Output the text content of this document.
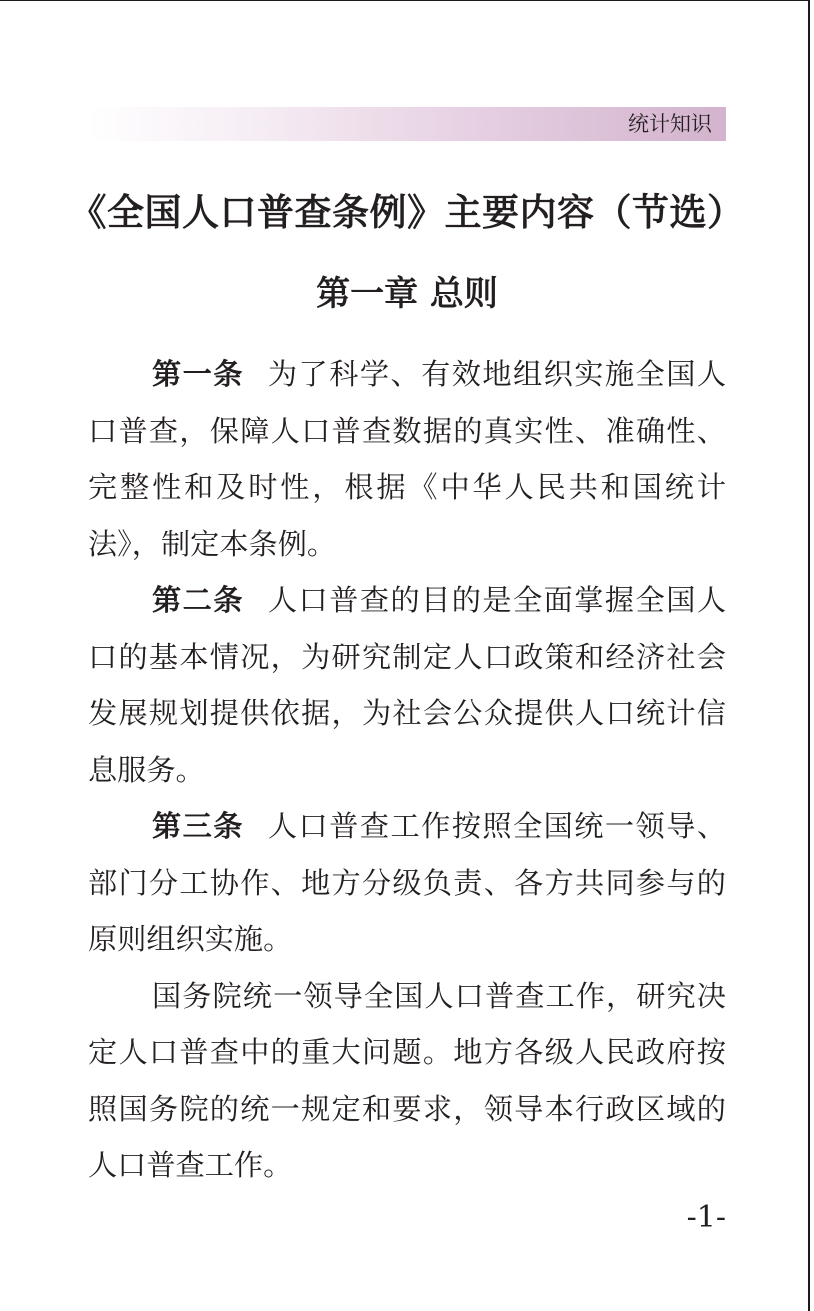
统计知识
《全国人口普查条例》主要内容（节选）
第一章 总则

第一条 为了科学、有效地组织实施全国人口普查，保障人口普查数据的真实性、准确性、完整性和及时性，根据《中华人民共和国统计法》，制定本条例。

第二条 人口普查的目的是全面掌握全国人口的基本情况，为研究制定人口政策和经济社会发展规划提供依据，为社会公众提供人口统计信息服务。

第三条 人口普查工作按照全国统一领导、部门分工协作、地方分级负责、各方共同参与的原则组织实施。

国务院统一领导全国人口普查工作，研究决定人口普查中的重大问题。地方各级人民政府按照国务院的统一规定和要求，领导本行政区域的人口普查工作。

-1-
